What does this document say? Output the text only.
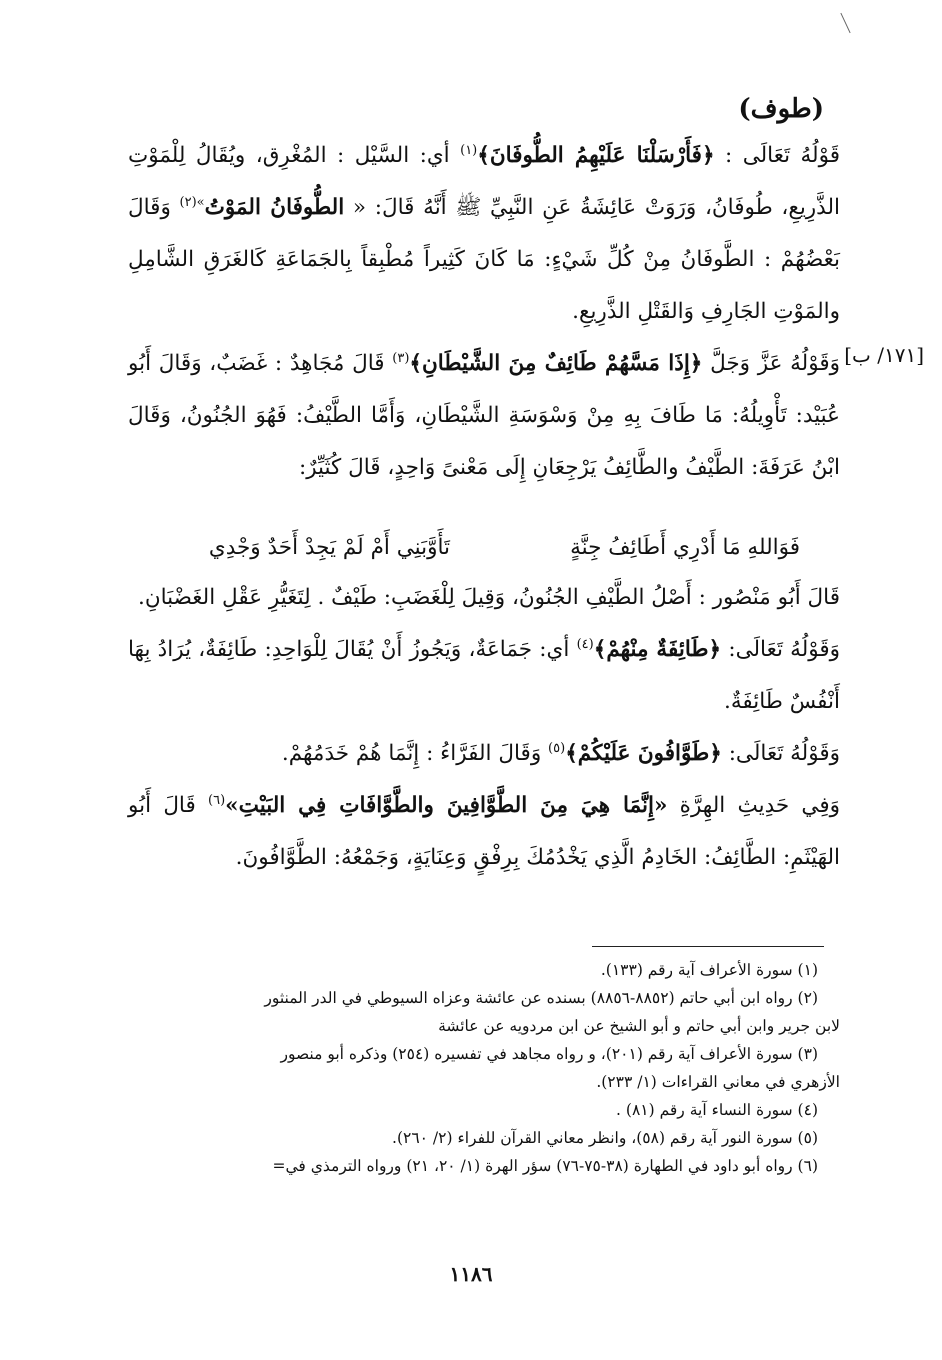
(طوف)
[١٧١/ ب]

قَوْلُهُ تَعَالَى : ﴿فَأَرْسَلْنَا عَلَيْهِمُ الطُّوفَانَ﴾$^{(١)}$ أي: السَّيْل : المُغْرِق، ويُقَالُ لِلْمَوْتِ الذَّرِيعِ، طُوفَانُ، وَرَوَتْ عَائِشَةُ عَنِ النَّبِيِّ ﷺ أَنَّهُ قَالَ: « الطُّوفَانُ المَوْتُ$^{»(٢)}$ وَقَالَ بَعْضُهُمْ : الطَّوفَانُ مِنْ كُلِّ شَيْءٍ: مَا كَانَ كَثِيراً مُطْبِقاً بِالجَمَاعَةِ كَالغَرَقِ الشَّامِلِ والمَوْتِ الجَارِفِ وَالقَتْلِ الذَّرِيعِ.

وَقَوْلُهُ عَزَّ وَجَلَّ ﴿إِذَا مَسَّهُمْ طَائِفٌ مِنَ الشَّيْطَانِ﴾$^{(٣)}$ قَالَ مُجَاهِدٌ : غَضَبٌ، وَقَالَ أَبُو عُبَيْد: تَأْوِيلُهُ: مَا طَافَ بِهِ مِنْ وَسْوَسَةِ الشَّيْطَانِ، وَأَمَّا الطَّيْفُ: فَهُوَ الجُنُونُ، وَقَالَ ابْنُ عَرَفَةَ: الطَّيْفُ والطَّائِفُ يَرْجِعَانِ إِلَى مَعْنىً وَاحِدٍ، قَالَ كُثَيِّرٌ:

فَوَاللهِ مَا أَدْرِي أَطَائِفُ جِنَّةٍ
تَأَوَّبَنِي أَمْ لَمْ يَجِدْ أَحَدٌ وَجْدِي

قَالَ أَبُو مَنْصُور : أَصْلُ الطَّيْفِ الجُنُونُ، وَقِيلَ لِلْغَضَبِ: طَيْفٌ . لِتَغَيُّرِ عَقْلِ الغَضْبَانِ.

وَقَوْلُهُ تَعَالَى: ﴿طَائِفَةٌ مِنْهُمْ﴾$^{(٤)}$ أي: جَمَاعَةٌ، وَيَجُوزُ أَنْ يُقَالَ لِلْوَاحِدِ: طَائِفَةٌ، يُرَادُ بِهَا أَنْفُسٌ طَائِفَةٌ.

وَقَوْلُهُ تَعَالَى: ﴿طَوَّافُونَ عَلَيْكُمْ﴾$^{(٥)}$ وَقَالَ الفَرَّاءُ : إِنَّمَا هُمْ خَدَمُهُمْ.

وَفِي حَدِيثِ الهِرَّةِ «إِنَّمَا هِيَ مِنَ الطَّوَّافِينَ والطَّوَّافَاتِ فِي البَيْتِ»$^{(٦)}$ قَالَ أَبُو الهَيْثَمِ: الطَّائِفُ: الخَادِمُ الَّذِي يَخْدُمُكَ بِرِفْقٍ وَعِنَايَةٍ، وَجَمْعُهُ: الطَّوَّافُونَ.

(١) سورة الأعراف آية رقم (١٣٣).
(٢) رواه ابن أبي حاتم (٨٨٥٢-٨٨٥٦) بسنده عن عائشة وعزاه السيوطي في الدر المنثور
لابن جرير وابن أبي حاتم و أبو الشيخ عن ابن مردويه عن عائشة
(٣) سورة الأعراف آية رقم (٢٠١)، و رواه مجاهد في تفسيره (٢٥٤) وذكره أبو منصور
الأزهري في معاني القراءات (١/ ٢٣٣).
(٤) سورة النساء آية رقم (٨١) .
(٥) سورة النور آية رقم (٥٨)، وانظر معاني القرآن للفراء (٢/ ٢٦٠).
(٦) رواه أبو داود في الطهارة (٣٨-٧٥-٧٦) سؤر الهرة (١/ ٢٠، ٢١) ورواه الترمذي في=
١١٨٦
